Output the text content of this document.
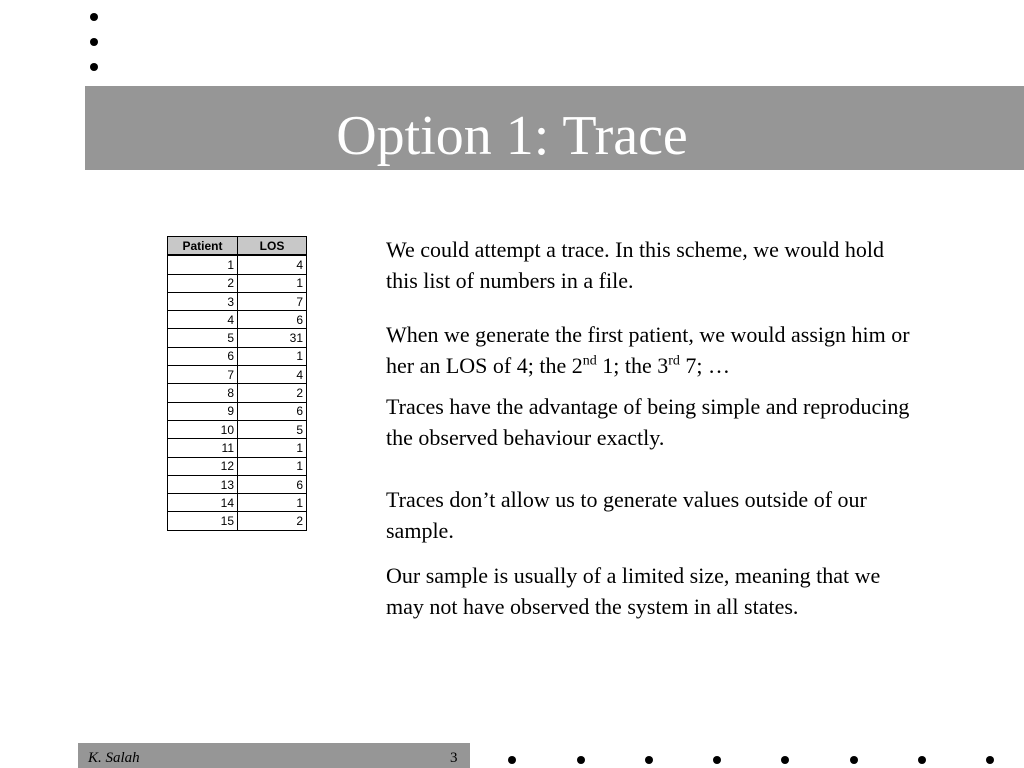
Option 1: Trace
Patient	LOS
1	4
2	1
3	7
4	6
5	31
6	1
7	4
8	2
9	6
10	5
11	1
12	1
13	6
14	1
15	2

We could attempt a trace. In this scheme, we would hold this list of numbers in a file.

When we generate the first patient, we would assign him or her an LOS of 4; the 2nd 1; the 3rd 7; …

Traces have the advantage of being simple and reproducing the observed behaviour exactly.

Traces don’t allow us to generate values outside of our sample.

Our sample is usually of a limited size, meaning that we may not have observed the system in all states.

K. Salah	3
